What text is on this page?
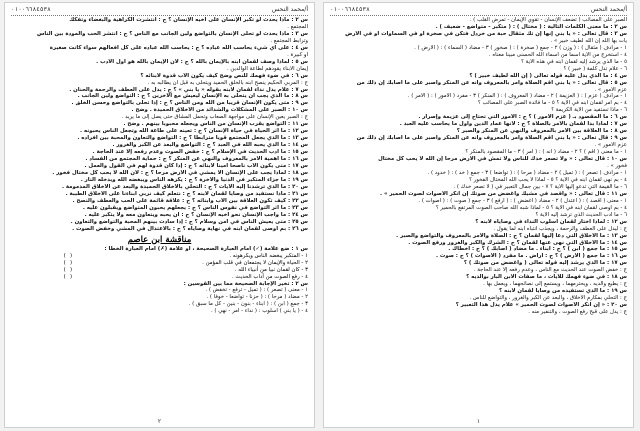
أ/محمد النحس
٠١٠٠٦٦٨٤٥٣٨
س ٢ : ماذا يحدث لو تكبر الإنسان على أخيه الإنسان ؟ ج : انتشرت الكراهية والبغضاء وتفكك
المجتمع .
س ٣ : ماذا يحدث لو تحلى الإنسان بالتواضع ولين الجانب مع الناس ؟ ج : انتشر الحب والمودة بين الناس
وترابط المجتمع .
س ٤ : على أي شيء يحاسب الله عباده ؟ ج : يحاسب الله عباده على كل أفعالهم سواء كانت صغيرة
أو كبيرة .
س ٥ : لماذا وصف لقمان ابنه بالإيمان بالله ؟ ج : لأن الإيمان بالله هو أول الأدب .
إيمان الأبناء يقودهم لطاعة الوالدين .
س ٦ : في ضوء فهمك للنص وضح كيف يكون الأب قدوة لأبنائه ؟
ج : المربي الحكيم ينصح ابنه بالخلق الحميد ويتحلى به قبل أن يطالبه به .
س ٧ : علام يدل نداء لقمان لابنه بقوله « يا بني » ؟ ج : يدل على العطف والرحمة والحنان .
س ٨ : ما الذي يجب أن يتحلى به الإنسان ليعيش مع الآخرين ؟ ج : التواضع ولين الجانب .
س ٩ : متى يكون الإنسان قريبا من الله ومن الناس ؟ ج : إذا تحلى بالتواضع وحسن الخلق .
س ١٠ : الصبر على المشكلات والشدائد من الأخلاق الحميدة . وضح .
ج : الصبر يعين الإنسان على مواجهة الصعاب وتحمل المشاق حتى يصل إلى ما يريد .
س ١١ : التواضع يقرب الإنسان من الناس ويجعله محبوبا بينهم . وضح .
س ١٢ : ما أثر الحياة في حياة الإنسان ؟ ج : تعينه على طاعة الله وتجعل الناس يحبونه .
س ١٣ : ما الذي يجعل المجتمع قويا مترابطا ؟ ج : التواضع والتعاون والمحبة بين أفراده .
س ١٤ : ما الذي يحبه الله في العبد ؟ ج : التواضع والبعد عن الكبر والغرور .
س ١٥ : ما أدب الحديث في الإسلام ؟ ج : خفض الصوت وعدم رفعه إلا عند الحاجة .
س ١٦ : ما أهمية الأمر بالمعروف والنهي عن المنكر ؟ ج : حماية المجتمع من الفساد .
س ١٧ : متى يكون الأب ناصحا أمينا لأبنائه ؟ ج : إذا كان قدوة لهم في القول والعمل .
س ١٨ : لماذا يجب على الإنسان ألا يمشي في الأرض مرحا ؟ ج : لأن الله لا يحب كل مختال فخور .
س ١٩ : ما جزاء المتكبر في الدنيا والآخرة ؟ ج : يكرهه الناس ويبغضه الله ويدخله النار .
س ٢٠ : ما الذي ترشدنا إليه الآيات ؟ ج : التحلي بالأخلاق الحميدة والبعد عن الأخلاق المذمومة .
س ٢١ : ماذا نستفيد من وصايا لقمان لابنه ؟ ج : نتعلم كيف نربي أبناءنا على الأخلاق الطيبة .
س ٢٢ : كيف تكون العلاقة بين الأب وأبنائه ؟ ج : علاقة قائمة على الحب والعطف والنصح .
س ٢٣ : ما أثر التواضع في نفوس الناس ؟ ج : يجعلهم يحبون المتواضع ويقبلون عليه .
س ٢٤ : ما واجب الإنسان نحو أخيه الإنسان ؟ ج : أن يحبه ويتعاون معه ولا يتكبر عليه .
س ٢٥ : متى يعيش الناس في أمن وسلام ؟ ج : إذا سادت بينهم المحبة والتواضع والتعاون .
س ٢٦ : بم أوصى لقمان ابنه في نهاية وصاياه ؟ ج : بالاعتدال في المشي وخفض الصوت .
مناقشة ابن عاصم
س ١ : ضع علامة (✓) أمام العبارة الصحيحة ، أو علامة (✗) أمام العبارة الخطأ :
١ - المتكبر يبغضه الناس ويكرهونه .
( )
٢ - الحياة والإيمان لا يجتمعان في قلب المؤمن .
( )
٣ - كان لقمان نبيا من أنبياء الله .
( )
٤ - رفع الصوت من آداب الحديث .
( )
س ٢ : تخير الإجابة الصحيحة مما بين القوسين :
١ - معنى ( تصعر ) : ( تميل - ترفع - تخفض ) .
٢ - مضاد ( مرحا ) : ( حزنا - تواضعا - خوفا ) .
٣ - جمع ( ابن ) : ( أبناء - بنون - بنين - كل ما سبق ) .
٤ - ( يا بني ) أسلوب : ( نداء - أمر - نهي ) .
٢
أ/محمد النحس
٠١٠٠٦٦٨٤٥٣٨
الصبر على المصائب ( تضعف الإنسان - تقوي الإيمان - تمرض القلب ) .
س ٢ : ما معنى الكلمات التالية : ( مختال ) : ( متكبر - متواضع - ضعيف ) .
س ٣ : قال تعالى : « يا بني إنها إن تك مثقال حبة من خردل فتكن في صخرة أو في السماوات أو في الأرض
يأت بها الله إن الله لطيف خبير » .
١ - مرادف ( مثقال ) : ( وزن ) ٢ - جمع ( صخرة ) : ( صخور ) ٣ - مضاد ( السماء ) : ( الأرض ) .
٤ - استخرج من الآية اسما من أسماء الله الحسنى مبينا معناه .
٥ - ما الذي يرشد إليه لقمان ابنه في هذه الآية ؟
٦ - علام تدل كلمة ( خبير ) ؟
س ٤ : ما الذي يدل عليه قوله تعالى ( إن الله لطيف خبير ) ؟
س ٥ : قال تعالى : « يا بني أقم الصلاة وأمر بالمعروف وانه عن المنكر واصبر على ما أصابك إن ذلك من
عزم الأمور » .
١ - مرادف ( عزم ) : ( العزيمة ) ٢ - مضاد ( المعروف ) : ( المنكر ) ٣ - مفرد ( الأمور ) : ( الأمر ) .
٤ - بم أمر لقمان ابنه في الآية ؟ ٥ - ما فائدة الصبر على المصائب ؟
٦ - ماذا تستفيد من الآية الكريمة ؟
س ٦ : ما المقصود بـ ( عزم الأمور ) ؟ ج : الأمور التي تحتاج إلى عزيمة وإصرار .
س ٧ : لماذا بدأ لقمان بالأمر بالصلاة ؟ ج : لأنها عماد الدين وأول ما يحاسب عليه العبد .
س ٨ : ما العلاقة بين الأمر بالمعروف والنهي عن المنكر والصبر ؟
س ٩ : قال تعالى : « يا بني أقم الصلاة وأمر بالمعروف وانه عن المنكر واصبر على ما أصابك إن ذلك من
عزم الأمور » .
١ - ما معنى ( أقم ) ؟ ٢ - مضاد ( انه ) : ( أمر ) ٣ - ما المقصود بالمنكر ؟
س ١٠ : قال تعالى : « ولا تصعر خدك للناس ولا تمش في الأرض مرحا إن الله لا يحب كل مختال
فخور » .
١ - مرادف ( تصعر ) : ( تميل ) ٢ - مضاد ( مرحا ) : ( تواضعا ) ٣ - جمع ( خد ) : ( خدود ) .
٤ - بم نهى لقمان ابنه في الآية ؟ ٥ - لماذا لا يحب الله المختال الفخور ؟
٦ - ما القيمة التي تدعو إليها الآية ؟ ٧ - بين جمال التعبير في ( لا تصعر خدك ) .
س ١١ : قال تعالى : « واقصد في مشيك واغضض من صوتك إن أنكر الأصوات لصوت الحمير » .
١ - معنى ( اقصد ) : ( اعتدل ) ٢ - مضاد ( اغضض ) : ( ارفع ) ٣ - جمع ( صوت ) : ( أصوات ) .
٤ - بم أوصى لقمان ابنه في الآية ؟ ٥ - لماذا شبه الله صاحب الصوت المرتفع بالحمير ؟
٦ - ما أدب الحديث الذي ترشد إليه الآية ؟
س ١٢ : لماذا اختار لقمان أسلوب النداء في وصاياه لابنه ؟
ج : ليدل على العطف والرحمة ، ويجذب انتباه ابنه لما يقول .
س ١٣ : ما الأخلاق التي دعا إليها لقمان ؟ ج : الصلاة والأمر بالمعروف والتواضع والصبر .
س ١٤ : ما الأخلاق التي نهى عنها لقمان ؟ ج : الشرك والكبر والغرور ورفع الصوت .
س ١٥ : ما جمع ( ابن ) ؟ ج : أبناء . ما مضاد ( أصابك ) ؟ ج : أخطأك .
س ١٦ : ما جمع ( الأرض ) ؟ ج : أراض . ما مفرد ( الأصوات ) ؟ ج : صوت .
س ١٧ : ما الذي يرشد إليه قوله تعالى ( واغضض من صوتك ) ؟
ج : خفض الصوت عند الحديث مع الناس ، وعدم رفعه إلا عند الحاجة .
س ١٨ : في ضوء فهمك للآيات ، ما صفات الابن البار بوالديه ؟
ج : يطيع والديه ، ويحترمهما ، ويستمع إلى نصائحهما ، ويعمل بها .
س ١٩ : ما الذي تستفيده من وصايا لقمان لابنه ؟
ج : التحلي بمكارم الأخلاق ، والبعد عن الكبر والغرور ، والتواضع للناس .
س ٢٠ : « إن أنكر الأصوات لصوت الحمير » علام يدل هذا التعبير ؟
ج : يدل على قبح رفع الصوت ، والتنفير منه .
١
